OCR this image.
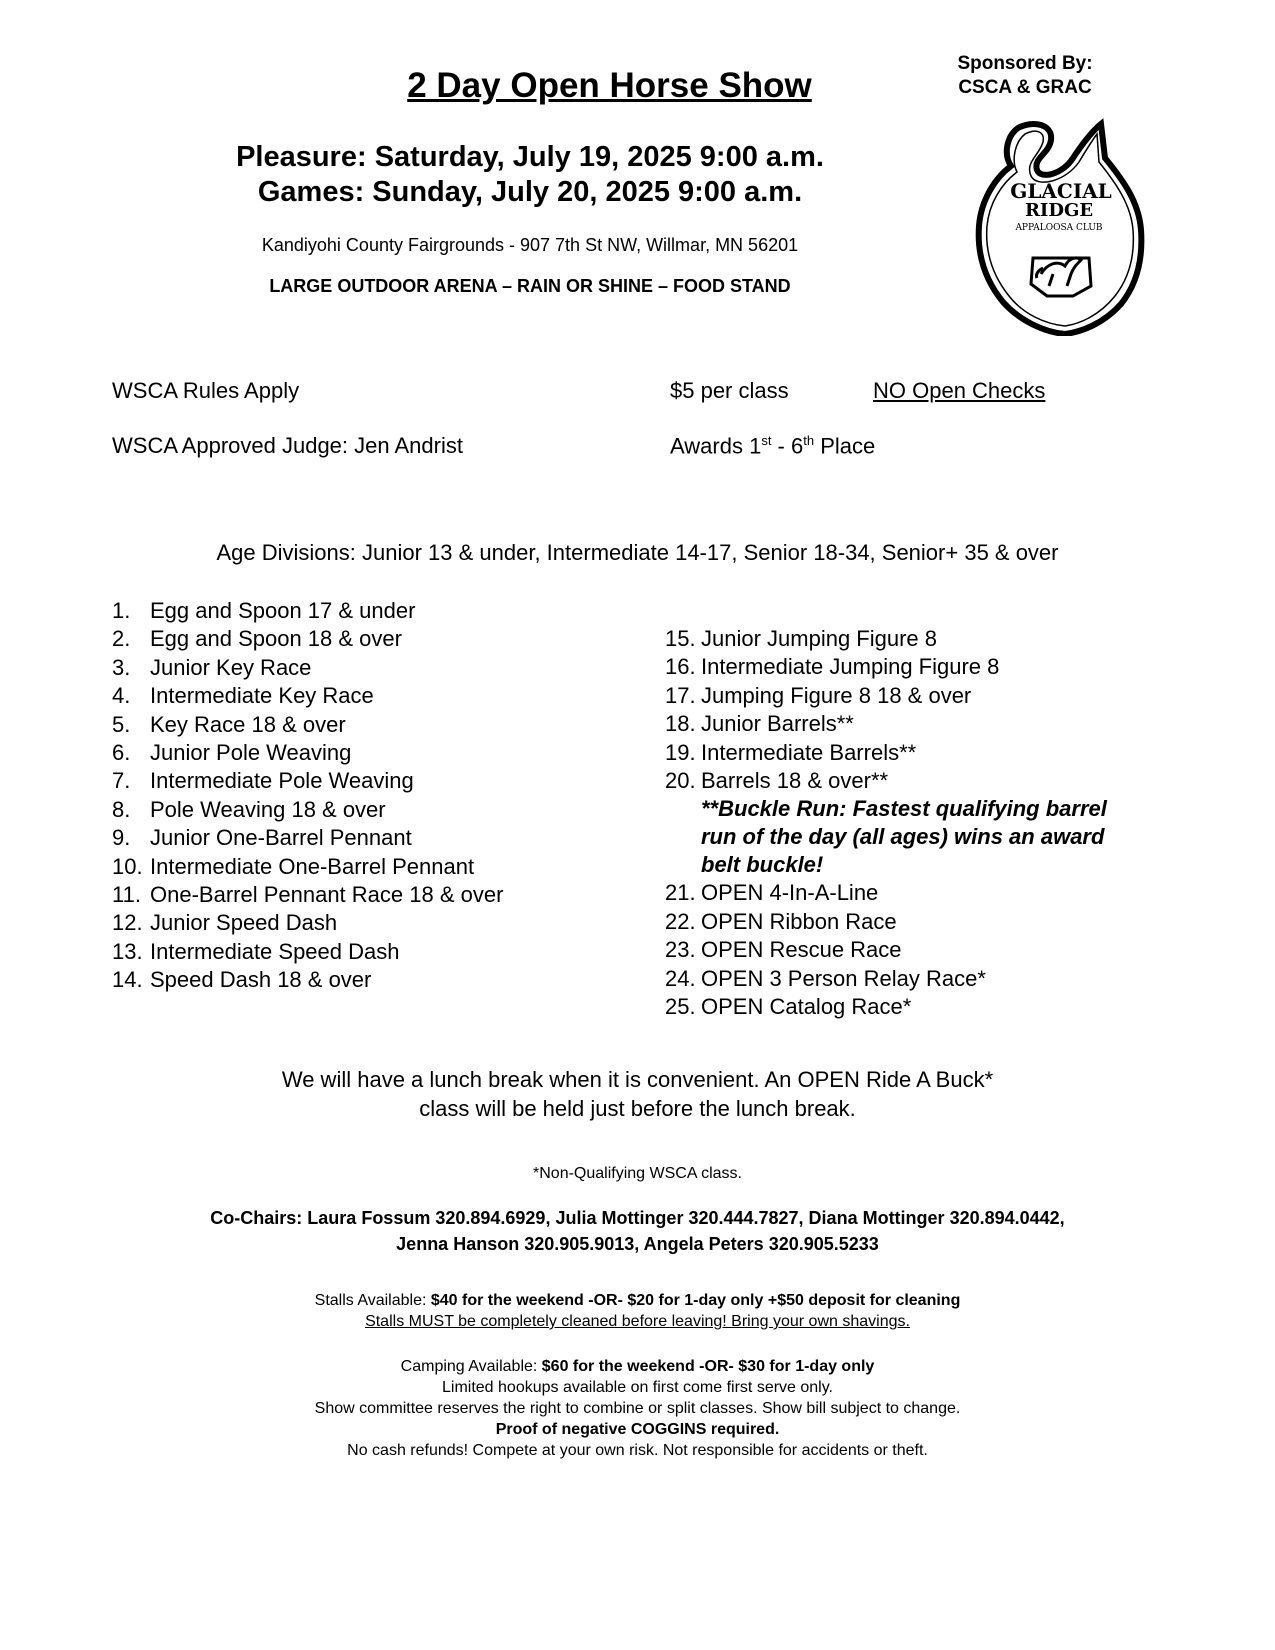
Sponsored By:
CSCA & GRAC
2 Day Open Horse Show
Pleasure: Saturday, July 19, 2025 9:00 a.m.
Games: Sunday, July 20, 2025 9:00 a.m.
Kandiyohi County Fairgrounds - 907 7th St NW, Willmar, MN 56201
LARGE OUTDOOR ARENA – RAIN OR SHINE – FOOD STAND
GLACIAL
RIDGE
APPALOOSA CLUB
WSCA Rules Apply
WSCA Approved Judge: Jen Andrist
$5 per class	NO Open Checks
Awards 1st - 6th Place
Age Divisions: Junior 13 & under, Intermediate 14-17, Senior 18-34, Senior+ 35 & over
1. Egg and Spoon 17 & under
2. Egg and Spoon 18 & over
3. Junior Key Race
4. Intermediate Key Race
5. Key Race 18 & over
6. Junior Pole Weaving
7. Intermediate Pole Weaving
8. Pole Weaving 18 & over
9. Junior One-Barrel Pennant
10. Intermediate One-Barrel Pennant
11. One-Barrel Pennant Race 18 & over
12. Junior Speed Dash
13. Intermediate Speed Dash
14. Speed Dash 18 & over
15. Junior Jumping Figure 8
16. Intermediate Jumping Figure 8
17. Jumping Figure 8 18 & over
18. Junior Barrels**
19. Intermediate Barrels**
20. Barrels 18 & over**
**Buckle Run: Fastest qualifying barrel run of the day (all ages) wins an award belt buckle!
21. OPEN 4-In-A-Line
22. OPEN Ribbon Race
23. OPEN Rescue Race
24. OPEN 3 Person Relay Race*
25. OPEN Catalog Race*
We will have a lunch break when it is convenient. An OPEN Ride A Buck*
class will be held just before the lunch break.
*Non-Qualifying WSCA class.
Co-Chairs: Laura Fossum 320.894.6929, Julia Mottinger 320.444.7827, Diana Mottinger 320.894.0442,
Jenna Hanson 320.905.9013, Angela Peters 320.905.5233
Stalls Available: $40 for the weekend -OR- $20 for 1-day only +$50 deposit for cleaning
Stalls MUST be completely cleaned before leaving! Bring your own shavings.
Camping Available: $60 for the weekend -OR- $30 for 1-day only
Limited hookups available on first come first serve only.
Show committee reserves the right to combine or split classes. Show bill subject to change.
Proof of negative COGGINS required.
No cash refunds! Compete at your own risk. Not responsible for accidents or theft.
